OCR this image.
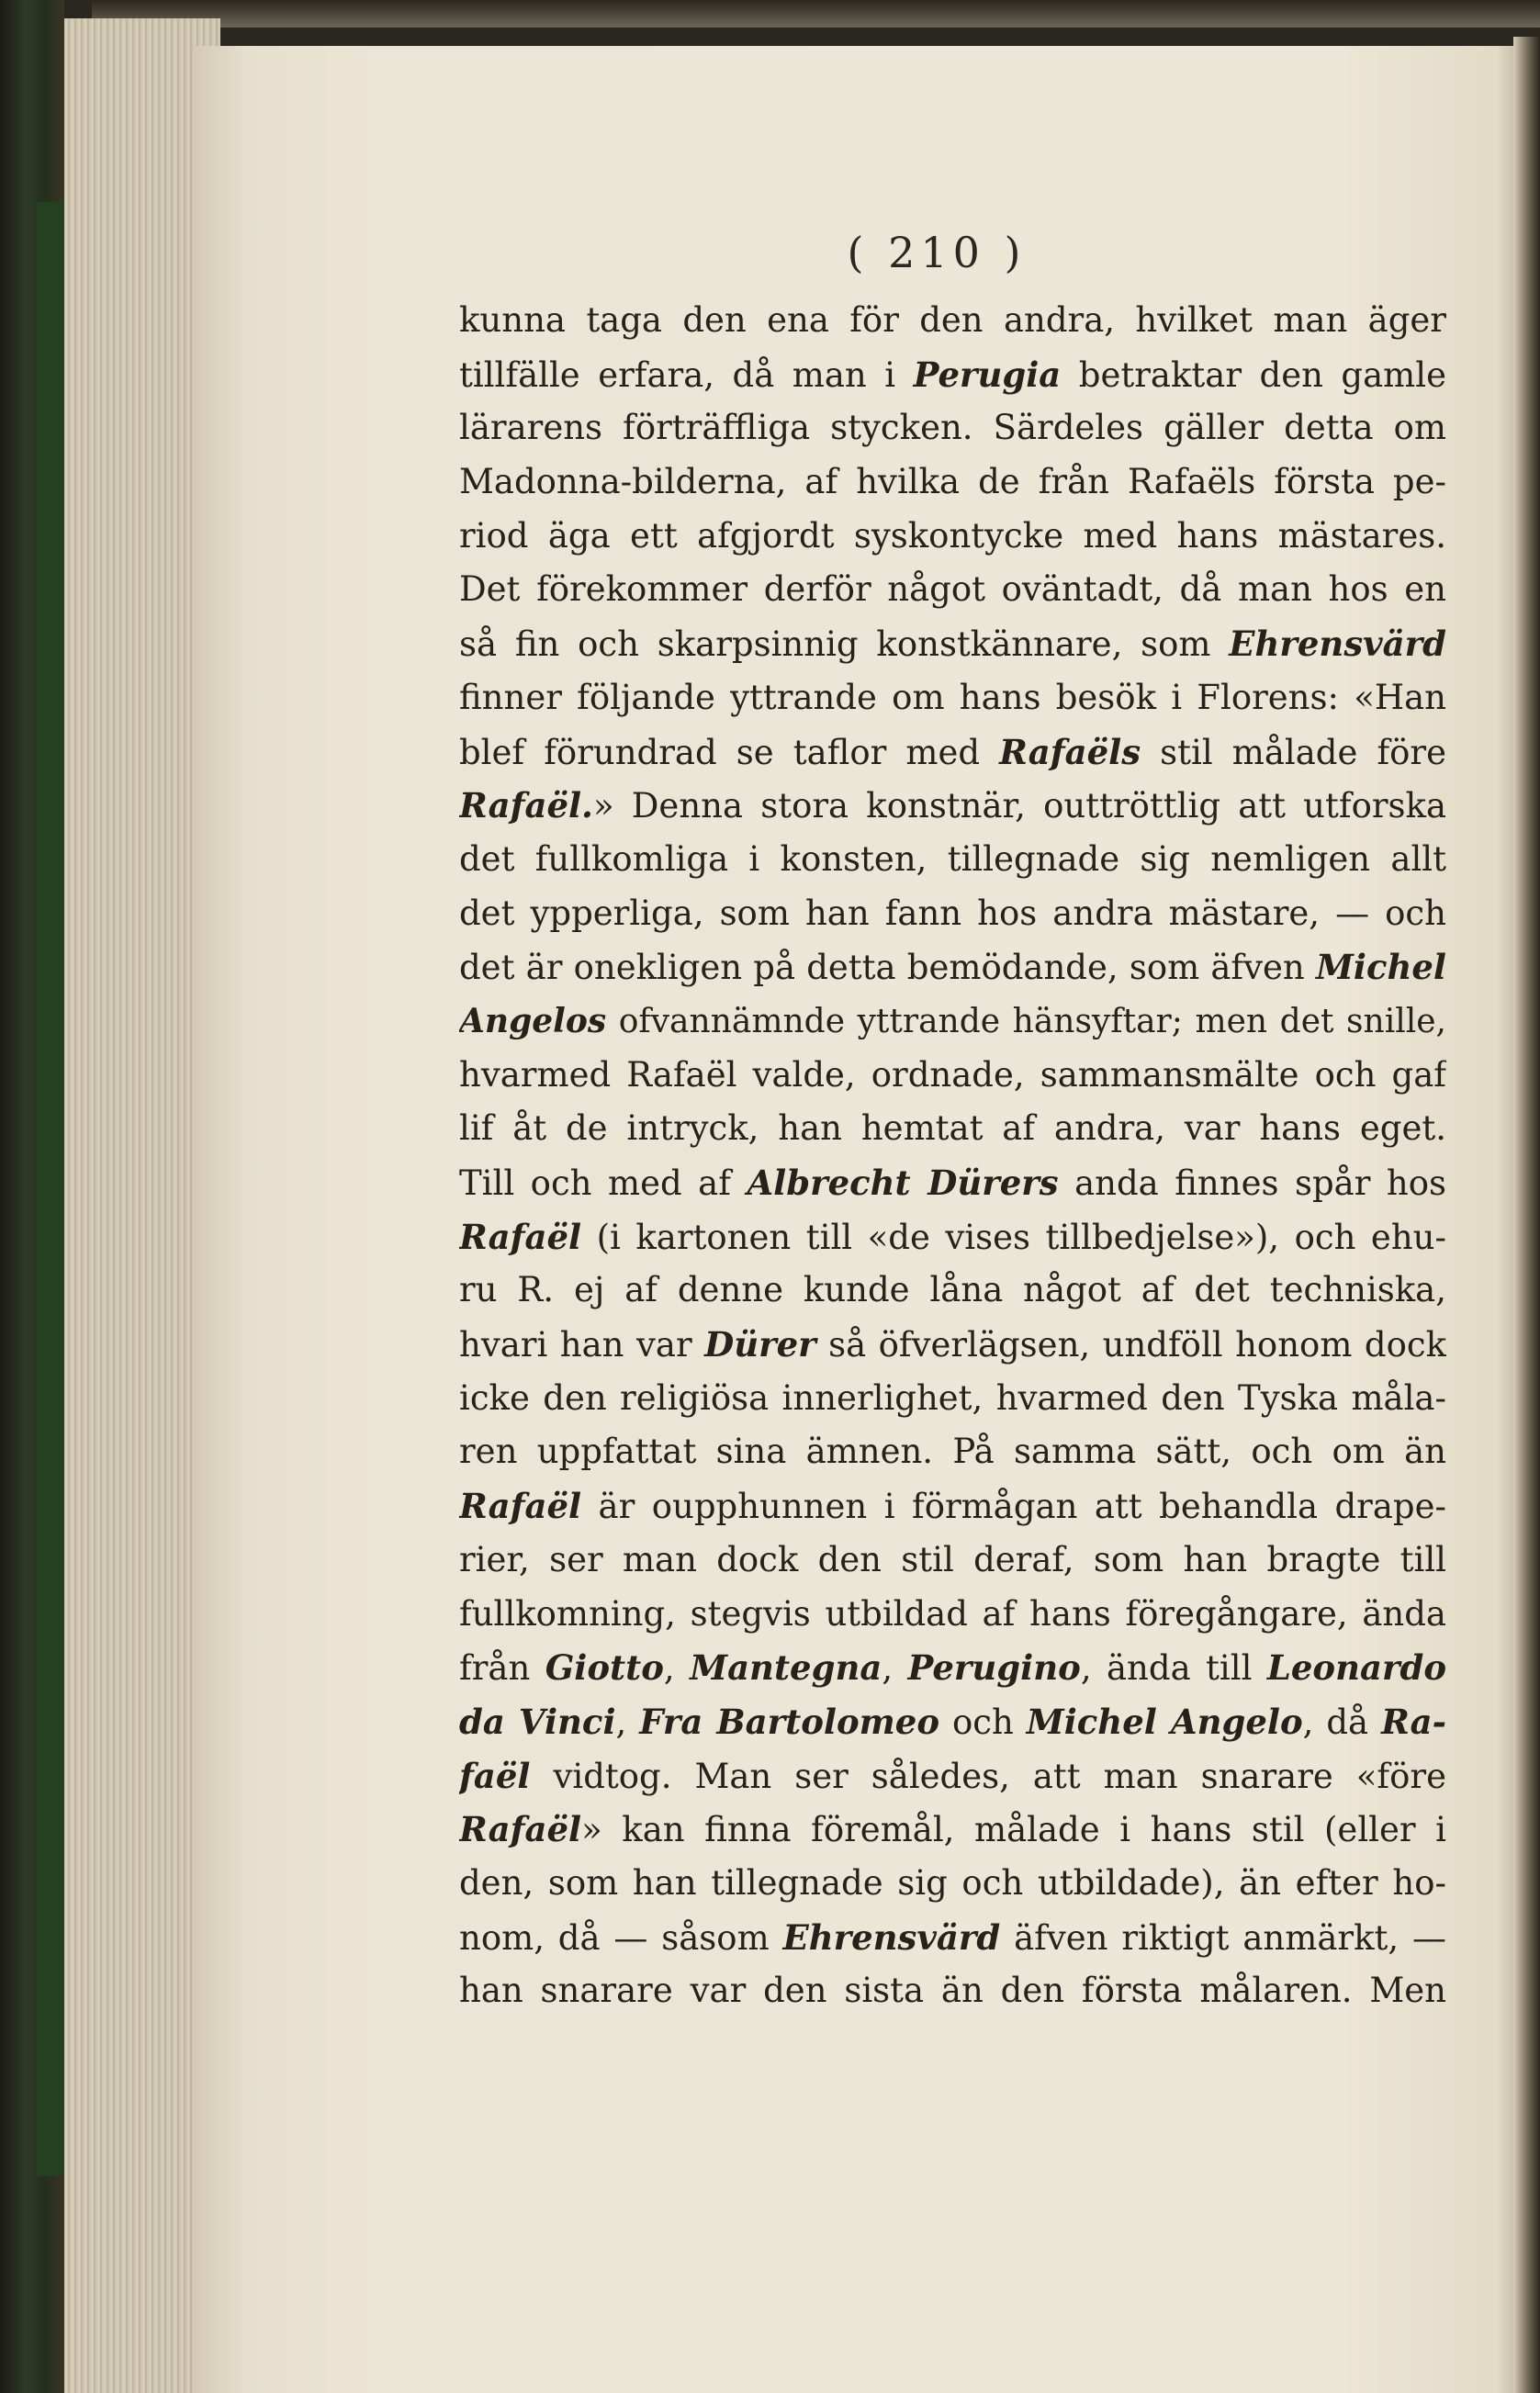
( 210 )
kunna taga den ena för den andra, hvilket man äger
tillfälle erfara, då man i Perugia betraktar den gamle
lärarens förträffliga stycken. Särdeles gäller detta om
Madonna-bilderna, af hvilka de från Rafaëls första pe-
riod äga ett afgjordt syskontycke med hans mästares.
Det förekommer derför något oväntadt, då man hos en
så fin och skarpsinnig konstkännare, som Ehrensvärd
finner följande yttrande om hans besök i Florens: «Han
blef förundrad se taflor med Rafaëls stil målade före
Rafaël.» Denna stora konstnär, outtröttlig att utforska
det fullkomliga i konsten, tillegnade sig nemligen allt
det ypperliga, som han fann hos andra mästare, — och
det är onekligen på detta bemödande, som äfven Michel
Angelos ofvannämnde yttrande hänsyftar; men det snille,
hvarmed Rafaël valde, ordnade, sammansmälte och gaf
lif åt de intryck, han hemtat af andra, var hans eget.
Till och med af Albrecht Dürers anda finnes spår hos
Rafaël (i kartonen till «de vises tillbedjelse»), och ehu-
ru R. ej af denne kunde låna något af det techniska,
hvari han var Dürer så öfverlägsen, undföll honom dock
icke den religiösa innerlighet, hvarmed den Tyska måla-
ren uppfattat sina ämnen. På samma sätt, och om än
Rafaël är oupphunnen i förmågan att behandla drape-
rier, ser man dock den stil deraf, som han bragte till
fullkomning, stegvis utbildad af hans föregångare, ända
från Giotto, Mantegna, Perugino, ända till Leonardo
da Vinci, Fra Bartolomeo och Michel Angelo, då Ra-
faël vidtog. Man ser således, att man snarare «före
Rafaël» kan finna föremål, målade i hans stil (eller i
den, som han tillegnade sig och utbildade), än efter ho-
nom, då — såsom Ehrensvärd äfven riktigt anmärkt, —
han snarare var den sista än den första målaren. Men
